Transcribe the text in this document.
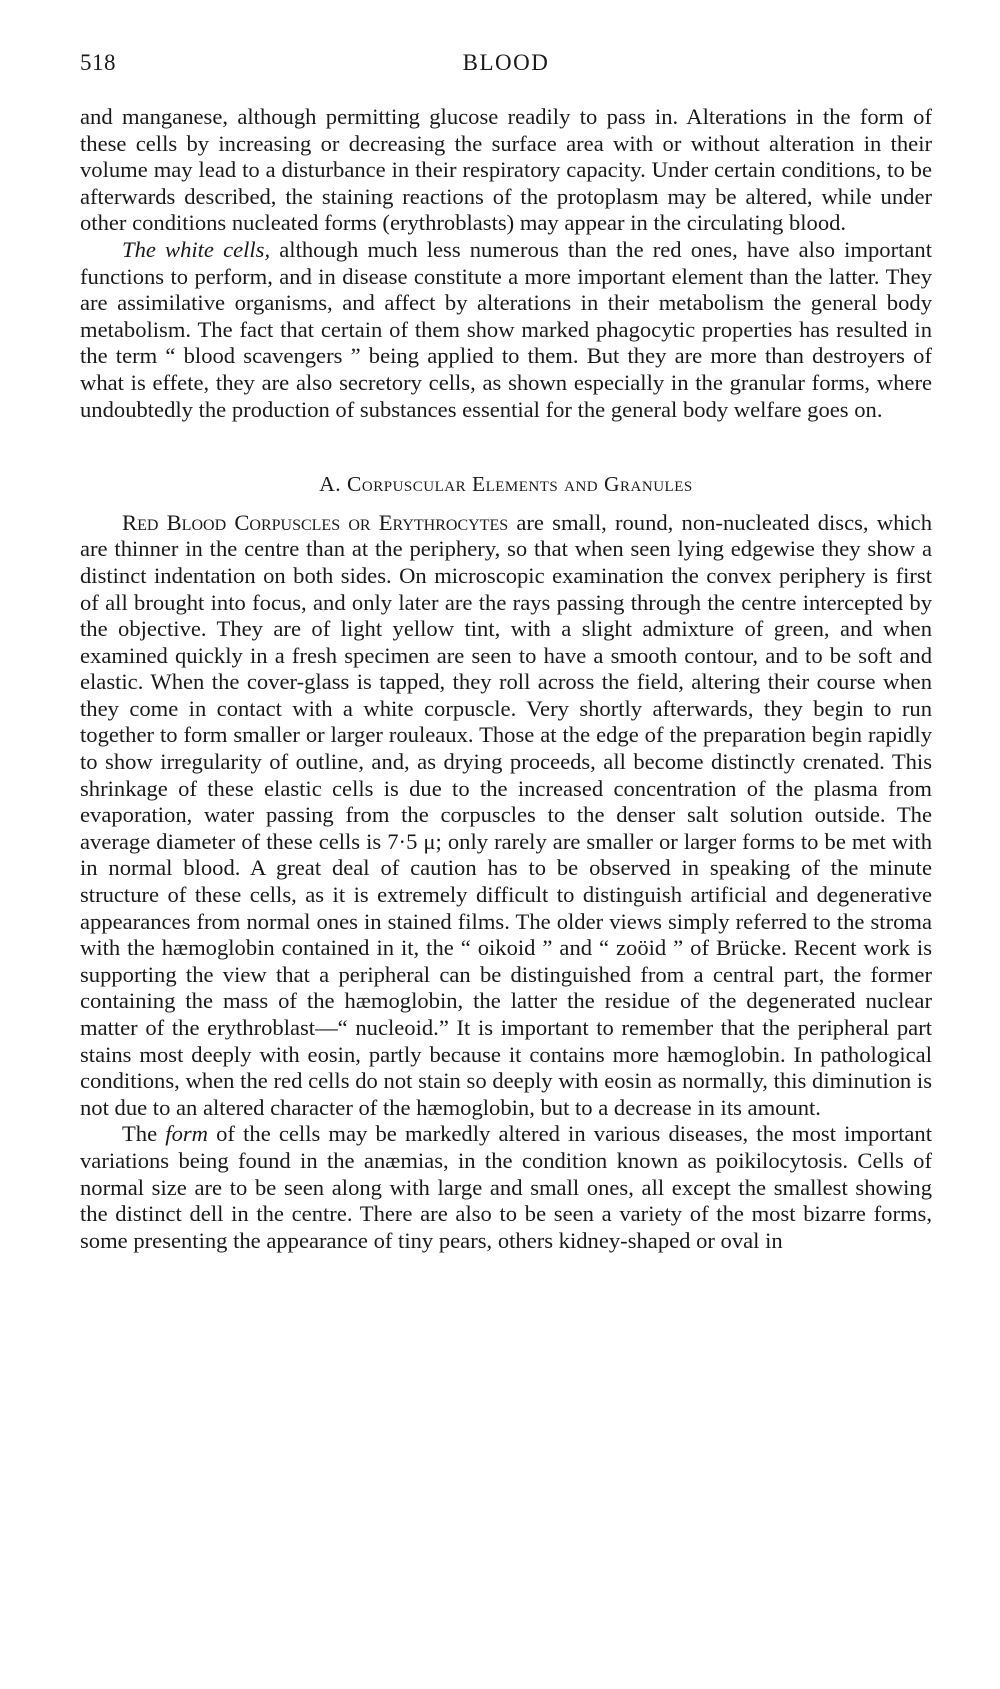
518	BLOOD

and manganese, although permitting glucose readily to pass in. Alterations in the form of these cells by increasing or decreasing the surface area with or without alteration in their volume may lead to a disturbance in their respiratory capacity. Under certain conditions, to be afterwards described, the staining reactions of the protoplasm may be altered, while under other conditions nucleated forms (erythroblasts) may appear in the circulating blood.

The white cells, although much less numerous than the red ones, have also important functions to perform, and in disease constitute a more important element than the latter. They are assimilative organisms, and affect by alterations in their metabolism the general body metabolism. The fact that certain of them show marked phagocytic properties has resulted in the term “ blood scavengers ” being applied to them. But they are more than destroyers of what is effete, they are also secretory cells, as shown especially in the granular forms, where undoubtedly the production of substances essential for the general body welfare goes on.

A. Corpuscular Elements and Granules

Red Blood Corpuscles or Erythrocytes are small, round, non-nucleated discs, which are thinner in the centre than at the periphery, so that when seen lying edgewise they show a distinct indentation on both sides. On microscopic examination the convex periphery is first of all brought into focus, and only later are the rays passing through the centre intercepted by the objective. They are of light yellow tint, with a slight admixture of green, and when examined quickly in a fresh specimen are seen to have a smooth contour, and to be soft and elastic. When the cover-glass is tapped, they roll across the field, altering their course when they come in contact with a white corpuscle. Very shortly afterwards, they begin to run together to form smaller or larger rouleaux. Those at the edge of the preparation begin rapidly to show irregularity of outline, and, as drying proceeds, all become distinctly crenated. This shrinkage of these elastic cells is due to the increased concentration of the plasma from evaporation, water passing from the corpuscles to the denser salt solution outside. The average diameter of these cells is 7·5 μ; only rarely are smaller or larger forms to be met with in normal blood. A great deal of caution has to be observed in speaking of the minute structure of these cells, as it is extremely difficult to distinguish artificial and degenerative appearances from normal ones in stained films. The older views simply referred to the stroma with the hæmoglobin contained in it, the “ oikoid ” and “ zoöid ” of Brücke. Recent work is supporting the view that a peripheral can be distinguished from a central part, the former containing the mass of the hæmoglobin, the latter the residue of the degenerated nuclear matter of the erythroblast—“ nucleoid.” It is important to remember that the peripheral part stains most deeply with eosin, partly because it contains more hæmoglobin. In pathological conditions, when the red cells do not stain so deeply with eosin as normally, this diminution is not due to an altered character of the hæmoglobin, but to a decrease in its amount.

The form of the cells may be markedly altered in various diseases, the most important variations being found in the anæmias, in the condition known as poikilocytosis. Cells of normal size are to be seen along with large and small ones, all except the smallest showing the distinct dell in the centre. There are also to be seen a variety of the most bizarre forms, some presenting the appearance of tiny pears, others kidney-shaped or oval in
